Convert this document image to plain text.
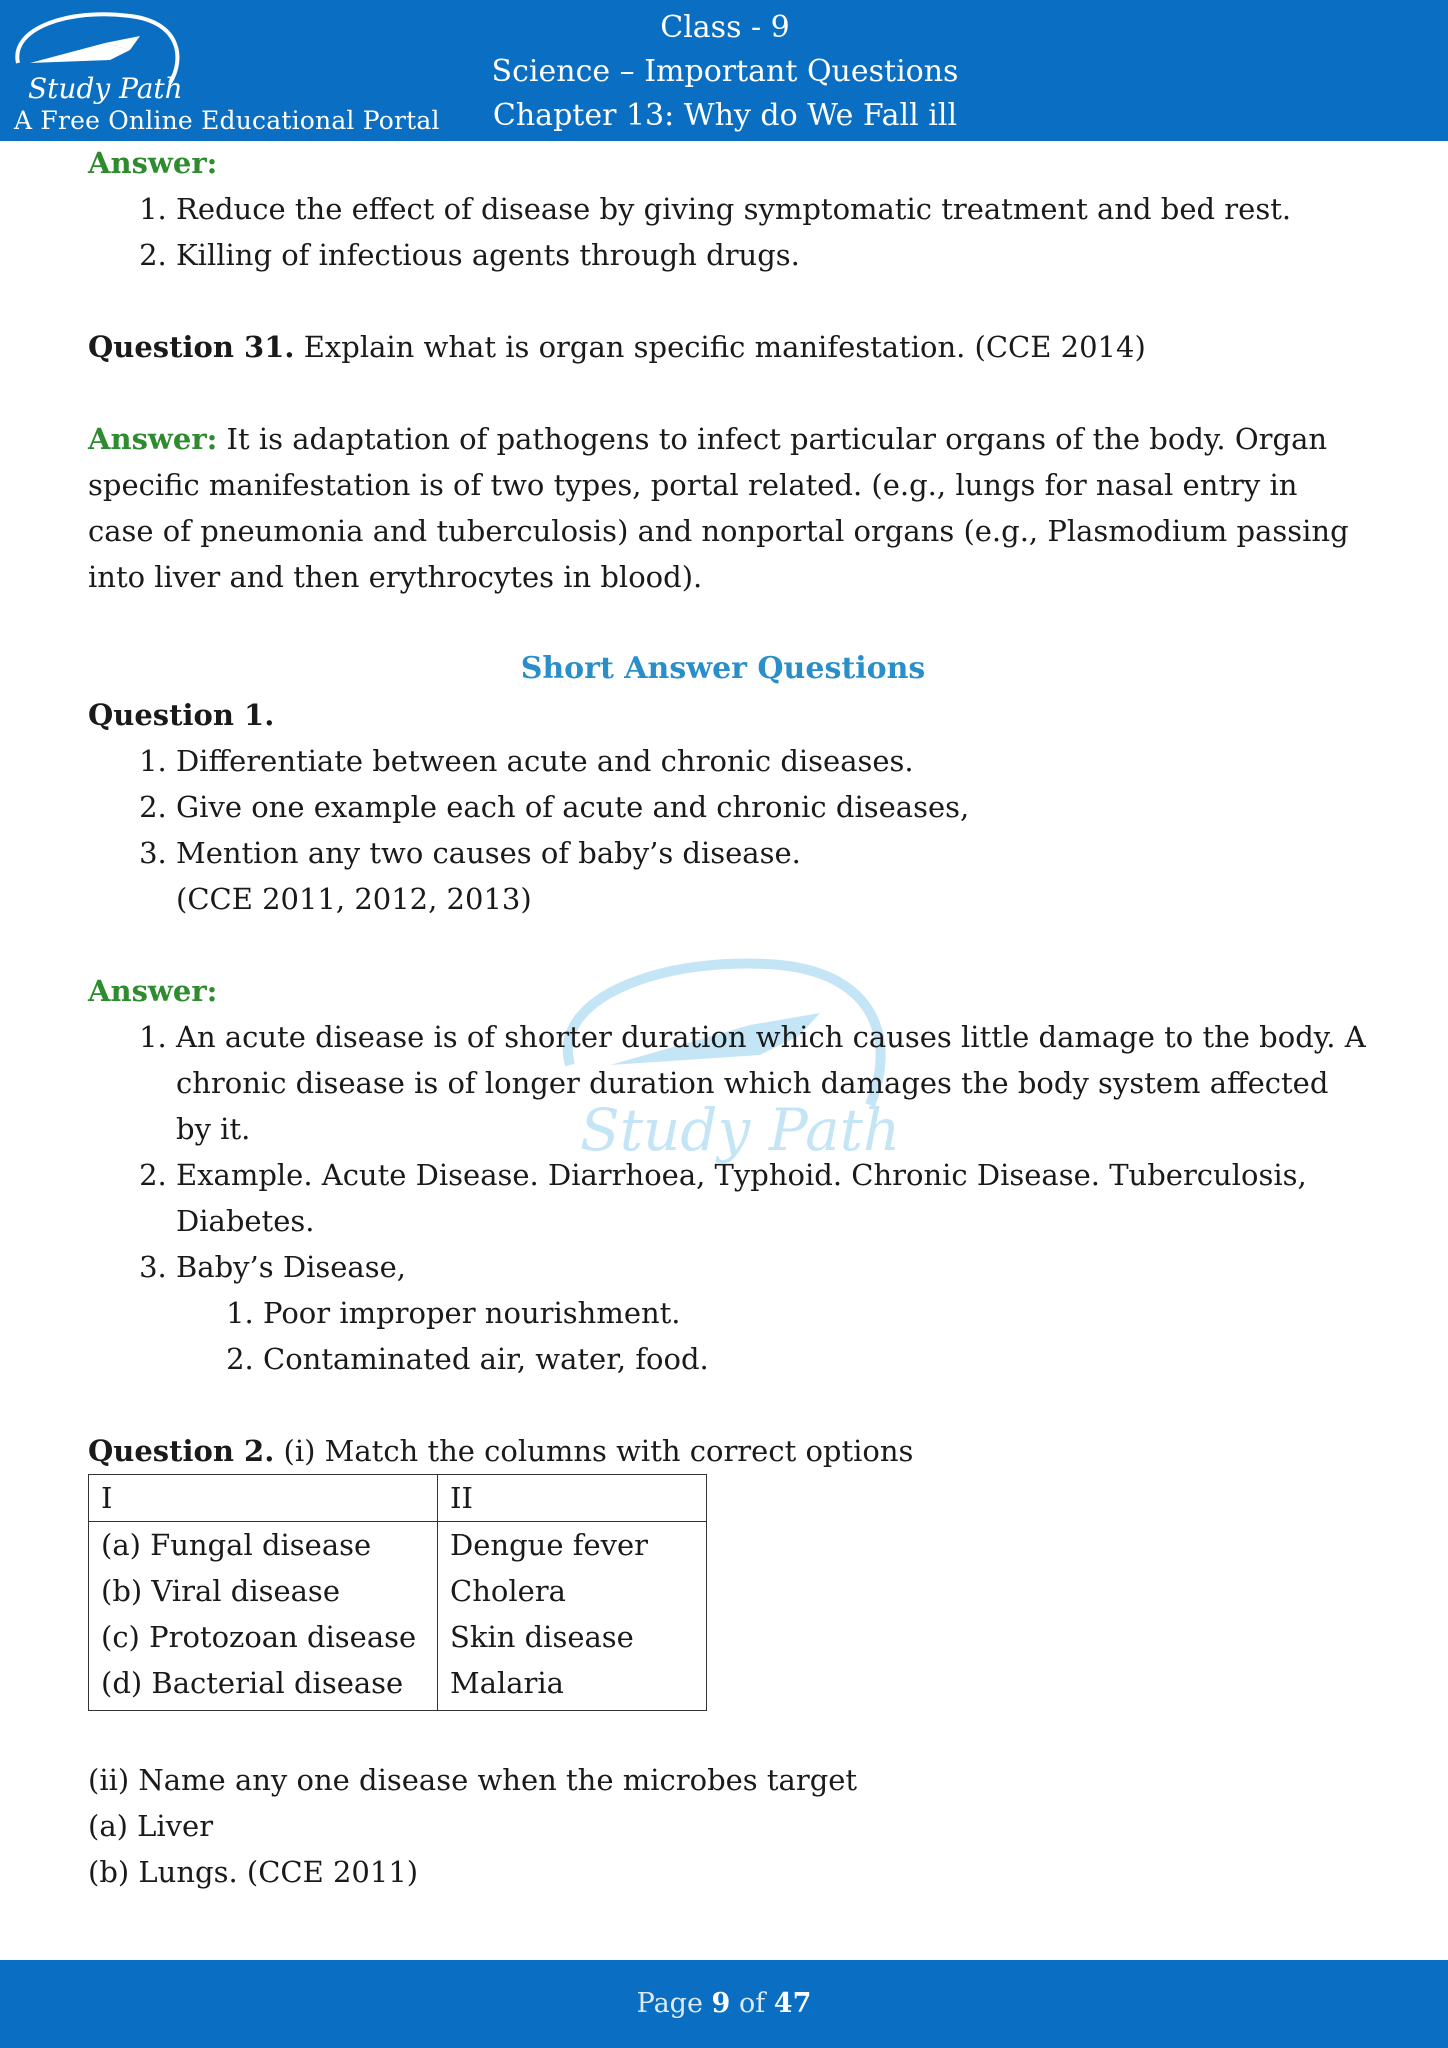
Study Path
A Free Online Educational Portal
Class - 9
Science – Important Questions
Chapter 13: Why do We Fall ill
Study Path

Answer:

1. Reduce the effect of disease by giving symptomatic treatment and bed rest.
2. Killing of infectious agents through drugs.

Question 31. Explain what is organ specific manifestation. (CCE 2014)

Answer: It is adaptation of pathogens to infect particular organs of the body. Organ specific manifestation is of two types, portal related. (e.g., lungs for nasal entry in case of pneumonia and tuberculosis) and nonportal organs (e.g., Plasmodium passing into liver and then erythrocytes in blood).

Short Answer Questions

Question 1.

1. Differentiate between acute and chronic diseases.
2. Give one example each of acute and chronic diseases,
3. Mention any two causes of baby’s disease.

(CCE 2011, 2012, 2013)

Answer:

1. An acute disease is of shorter duration which causes little damage to the body. A chronic disease is of longer duration which damages the body system affected by it.
2. Example. Acute Disease. Diarrhoea, Typhoid. Chronic Disease. Tuberculosis, Diabetes.
3. Baby’s Disease,
1. Poor improper nourishment.
2. Contaminated air, water, food.

Question 2. (i) Match the columns with correct options

I	II
(a) Fungal disease	Dengue fever
(b) Viral disease	Cholera
(c) Protozoan disease	Skin disease
(d) Bacterial disease	Malaria

(ii) Name any one disease when the microbes target

(a) Liver

(b) Lungs. (CCE 2011)

Page 9 of 47
